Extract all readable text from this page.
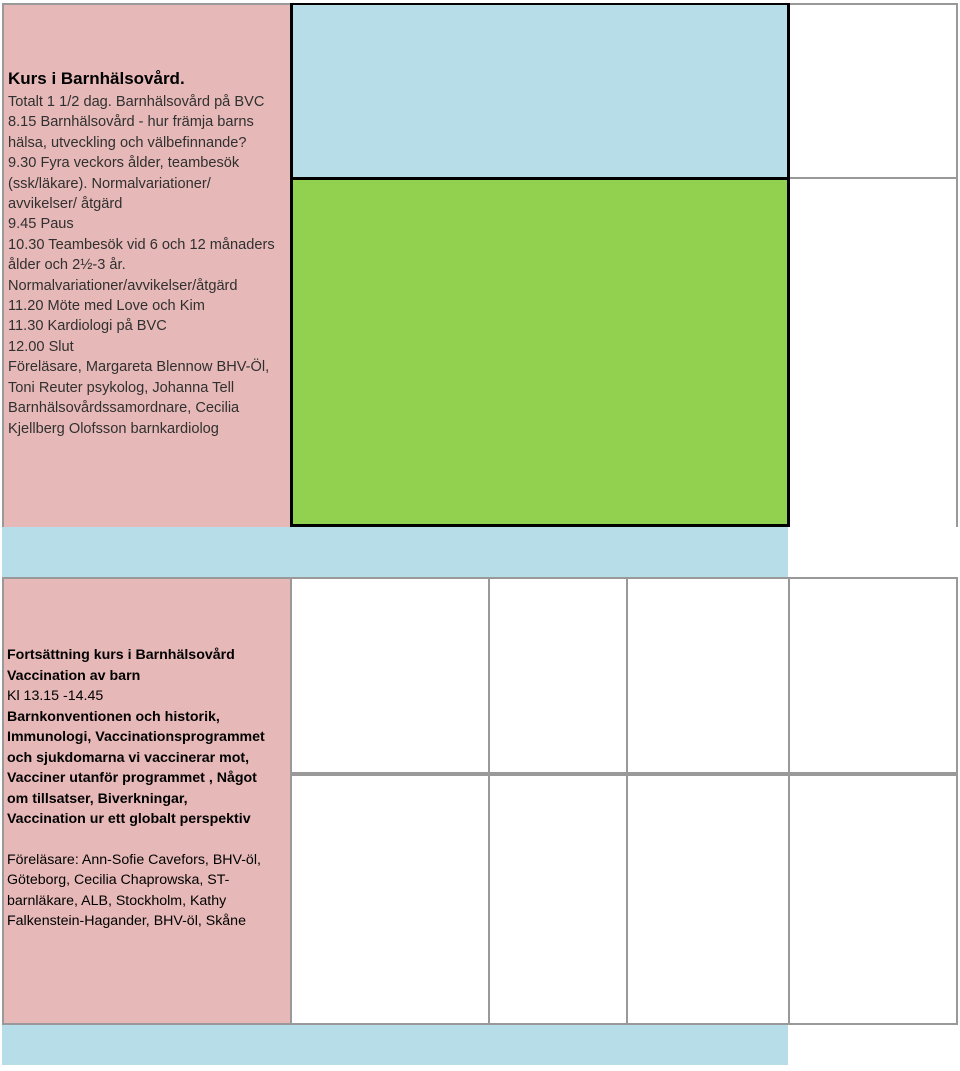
Kurs i Barnhälsovård.

Totalt 1 1/2 dag. Barnhälsovård på BVC

8.15 Barnhälsovård - hur främja barns

hälsa, utveckling och välbefinnande?

9.30 Fyra veckors ålder, teambesök

(ssk/läkare). Normalvariationer/

avvikelser/ åtgärd

9.45 Paus

10.30 Teambesök vid 6 och 12 månaders

ålder och 2½-3 år.

Normalvariationer/avvikelser/åtgärd

11.20 Möte med Love och Kim

11.30 Kardiologi på BVC

12.00 Slut

Föreläsare, Margareta Blennow BHV-Öl,

Toni Reuter psykolog, Johanna Tell

Barnhälsovårdssamordnare, Cecilia

Kjellberg Olofsson barnkardiolog

Fortsättning kurs i Barnhälsovård

Vaccination av barn

Kl 13.15 -14.45

Barnkonventionen och historik,

Immunologi, Vaccinationsprogrammet

och sjukdomarna vi vaccinerar mot,

Vacciner utanför programmet , Något

om tillsatser, Biverkningar,

Vaccination ur ett globalt perspektiv

Föreläsare: Ann-Sofie Cavefors, BHV-öl,

Göteborg, Cecilia Chaprowska, ST-

barnläkare, ALB, Stockholm, Kathy

Falkenstein-Hagander, BHV-öl, Skåne
